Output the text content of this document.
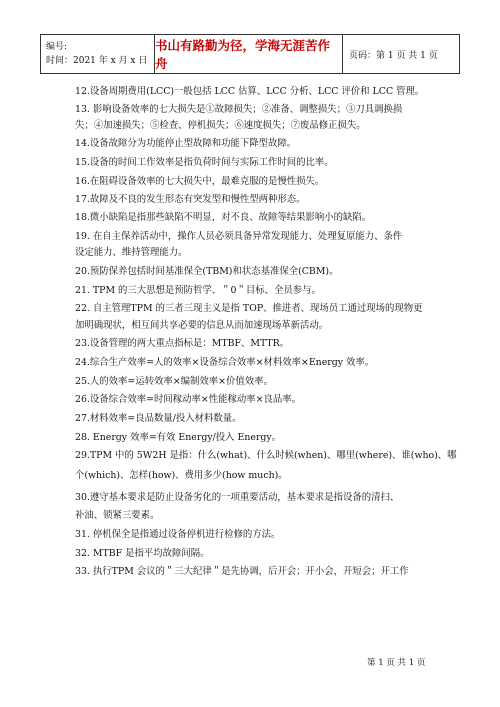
编号:
时间：2021 年 x 月 x 日
书山有路勤为径，学海无涯苦作舟
页码：第 1 页 共 1 页
12.设备周期费用(LCC)一般包括 LCC 估算、LCC 分析、LCC 评价和 LCC 管理。
13. 影响设备效率的七大损失是①故障损失；②准备、调整损失；③刀具调换损
失；④加速损失；⑤检查、停机损失；⑥速度损失；⑦废品修正损失。
14.设备故障分为功能停止型故障和功能下降型故障。
15.设备的时间工作效率是指负荷时间与实际工作时间的比率。
16.在阻碍设备效率的七大损失中，最难克服的是慢性损失。
17.故障及不良的发生形态有突发型和慢性型两种形态。
18.微小缺陷是指那些缺陷不明显，对不良、故障等结果影响小的缺陷。
19. 在自主保养活动中，操作人员必须具备异常发现能力、处理复原能力、条件
设定能力、维持管理能力。
20.预防保养包括时间基准保全(TBM)和状态基准保全(CBM)。
21. TPM 的三大思想是预防哲学、＂0＂目标、全员参与。
22. 自主管理TPM 的三者三现主义是指 TOP、推进者、现场员工通过现场的现物更
加明确现状，相互间共享必要的信息从而加速现场革新活动。
23.设备管理的两大重点指标是：MTBF、MTTR。
24.综合生产效率=人的效率×设备综合效率×材料效率×Energy 效率。
25.人的效率=运转效率×编制效率×价值效率。
26.设备综合效率=时间稼动率×性能稼动率×良品率。
27.材料效率=良品数量/投入材料数量。
28. Energy 效率=有效 Energy/投入 Energy。
29.TPM 中的 5W2H 是指：什么(what)、什么时候(when)、哪里(where)、谁(who)、哪
个(which)、怎样(how)、费用多少(how much)。
30.遵守基本要求是防止设备劣化的一项重要活动，基本要求是指设备的清扫、
补油、锁紧三要素。
31. 停机保全是指通过设备停机进行检修的方法。
32. MTBF 是指平均故障间隔。
33. 执行TPM 会议的＂三大纪律＂是先协调，后开会；开小会，开短会；开工作
第 1 页 共 1 页
